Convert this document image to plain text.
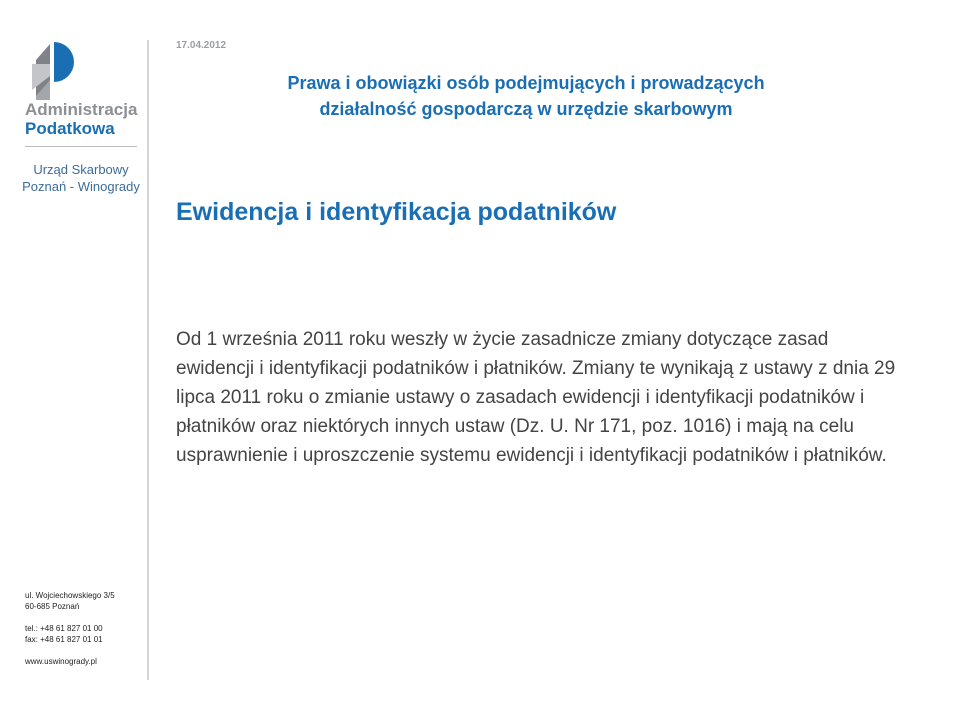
Administracja
Podatkowa
Urząd Skarbowy Poznań - Winogrady
ul. Wojciechowskiego 3/5
60-685 Poznań
tel.: +48 61 827 01 00
fax: +48 61 827 01 01
www.uswinogrady.pl
17.04.2012
Prawa i obowiązki osób podejmujących i prowadzących
działalność gospodarczą w urzędzie skarbowym
Ewidencja i identyfikacja podatników
Od 1 września 2011 roku weszły w życie zasadnicze zmiany dotyczące zasad ewidencji i identyfikacji podatników i płatników. Zmiany te wynikają z ustawy z dnia 29 lipca 2011 roku o zmianie ustawy o zasadach ewidencji i identyfikacji podatników i płatników oraz niektórych innych ustaw (Dz. U. Nr 171, poz. 1016) i mają na celu usprawnienie i uproszczenie systemu ewidencji i identyfikacji podatników i płatników.
